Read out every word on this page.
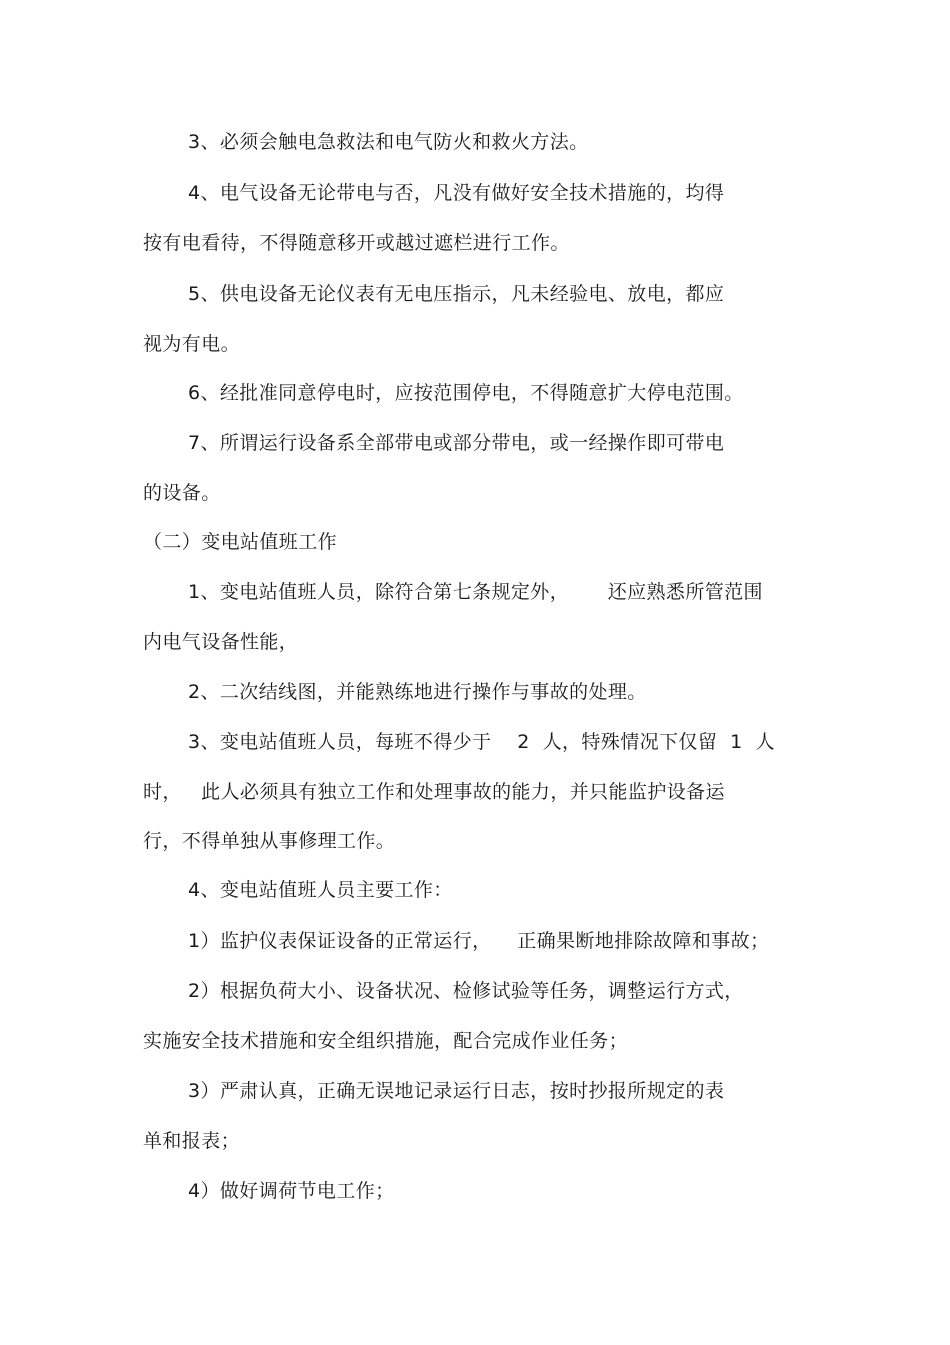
3、必须会触电急救法和电气防火和救火方法。
4、电气设备无论带电与否，凡没有做好安全技术措施的，均得
按有电看待，不得随意移开或越过遮栏进行工作。
5、供电设备无论仪表有无电压指示，凡未经验电、放电，都应
视为有电。
6、经批准同意停电时，应按范围停电，不得随意扩大停电范围。
7、所谓运行设备系全部带电或部分带电，或一经操作即可带电
的设备。
（二）变电站值班工作
1、变电站值班人员，除符合第七条规定外，      还应熟悉所管范围
内电气设备性能，
2、二次结线图，并能熟练地进行操作与事故的处理。
3、变电站值班人员，每班不得少于    2  人，特殊情况下仅留  1  人
时，   此人必须具有独立工作和处理事故的能力，并只能监护设备运
行，不得单独从事修理工作。
4、变电站值班人员主要工作：
1）监护仪表保证设备的正常运行，    正确果断地排除故障和事故；
2）根据负荷大小、设备状况、检修试验等任务，调整运行方式，
实施安全技术措施和安全组织措施，配合完成作业任务；
3）严肃认真，正确无误地记录运行日志，按时抄报所规定的表
单和报表；
4）做好调荷节电工作；
